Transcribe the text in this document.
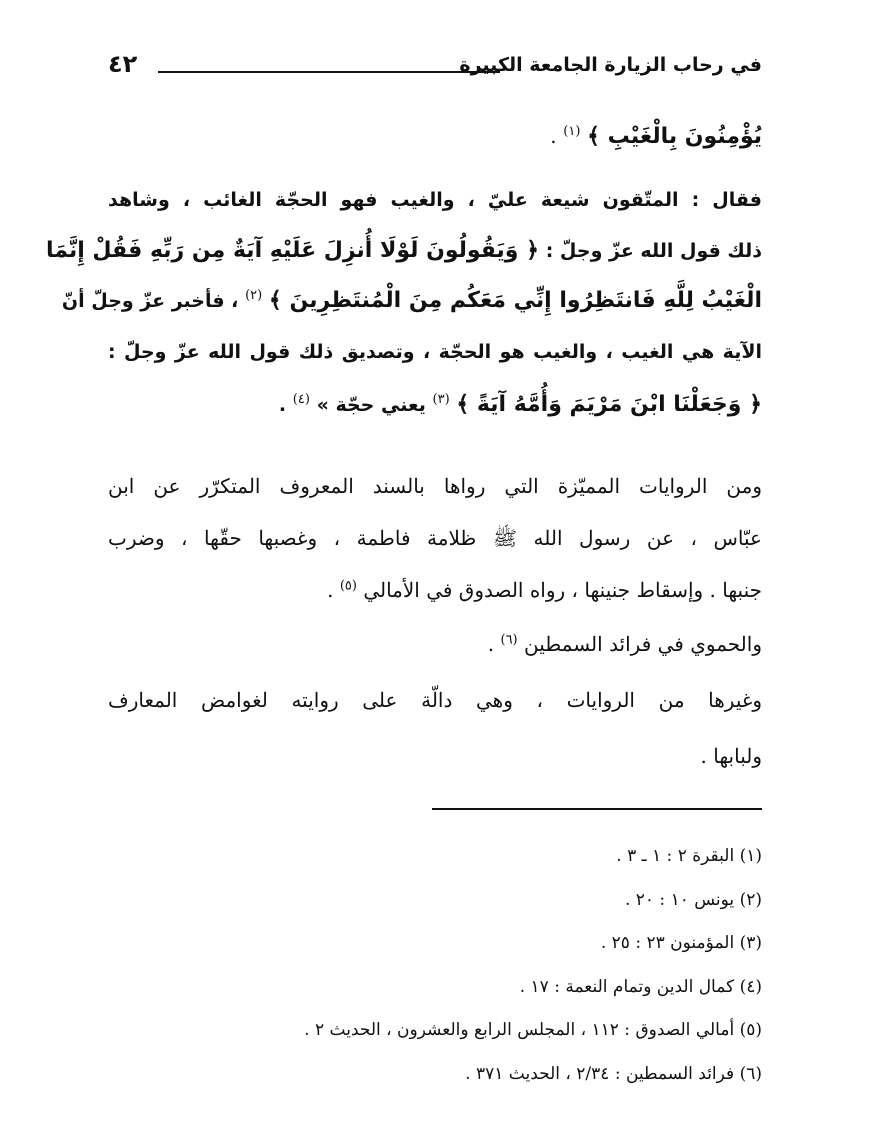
في رحاب الزيارة الجامعة الكبيرة
٤٢
يُؤْمِنُونَ بِالْغَيْبِ ﴾ $^{(١)}$ .
فقال : المتّقون شيعة عليّ ، والغيب فهو الحجّة الغائب ، وشاهد
ذلك قول الله عزّ وجلّ : ﴿ وَيَقُولُونَ لَوْلَا أُنزِلَ عَلَيْهِ آيَةٌ مِن رَبِّهِ فَقُلْ إِنَّمَا
الْغَيْبُ لِلَّهِ فَانتَظِرُوا إِنِّي مَعَكُم مِنَ الْمُنتَظِرِينَ ﴾ $^{(٢)}$ ، فأخبر عزّ وجلّ أنّ
الآية هي الغيب ، والغيب هو الحجّة ، وتصديق ذلك قول الله عزّ وجلّ :
﴿ وَجَعَلْنَا ابْنَ مَرْيَمَ وَأُمَّهُ آيَةً ﴾ $^{(٣)}$ يعني حجّة » $^{(٤)}$ .
ومن الروايات المميّزة التي رواها بالسند المعروف المتكرّر عن ابن
عبّاس ، عن رسول الله ﷺ ظلامة فاطمة ، وغصبها حقّها ، وضرب
جنبها . وإسقاط جنينها ، رواه الصدوق في الأمالي $^{(٥)}$ .
والحموي في فرائد السمطين $^{(٦)}$ .
وغيرها من الروايات ، وهي دالّة على روايته لغوامض المعارف
ولبابها .
(١) البقرة ٢ : ١ ـ ٣ .
(٢) يونس ١٠ : ٢٠ .
(٣) المؤمنون ٢٣ : ٢٥ .
(٤) كمال الدين وتمام النعمة : ١٧ .
(٥) أمالي الصدوق : ١١٢ ، المجلس الرابع والعشرون ، الحديث ٢ .
(٦) فرائد السمطين : ٢/٣٤ ، الحديث ٣٧١ .
